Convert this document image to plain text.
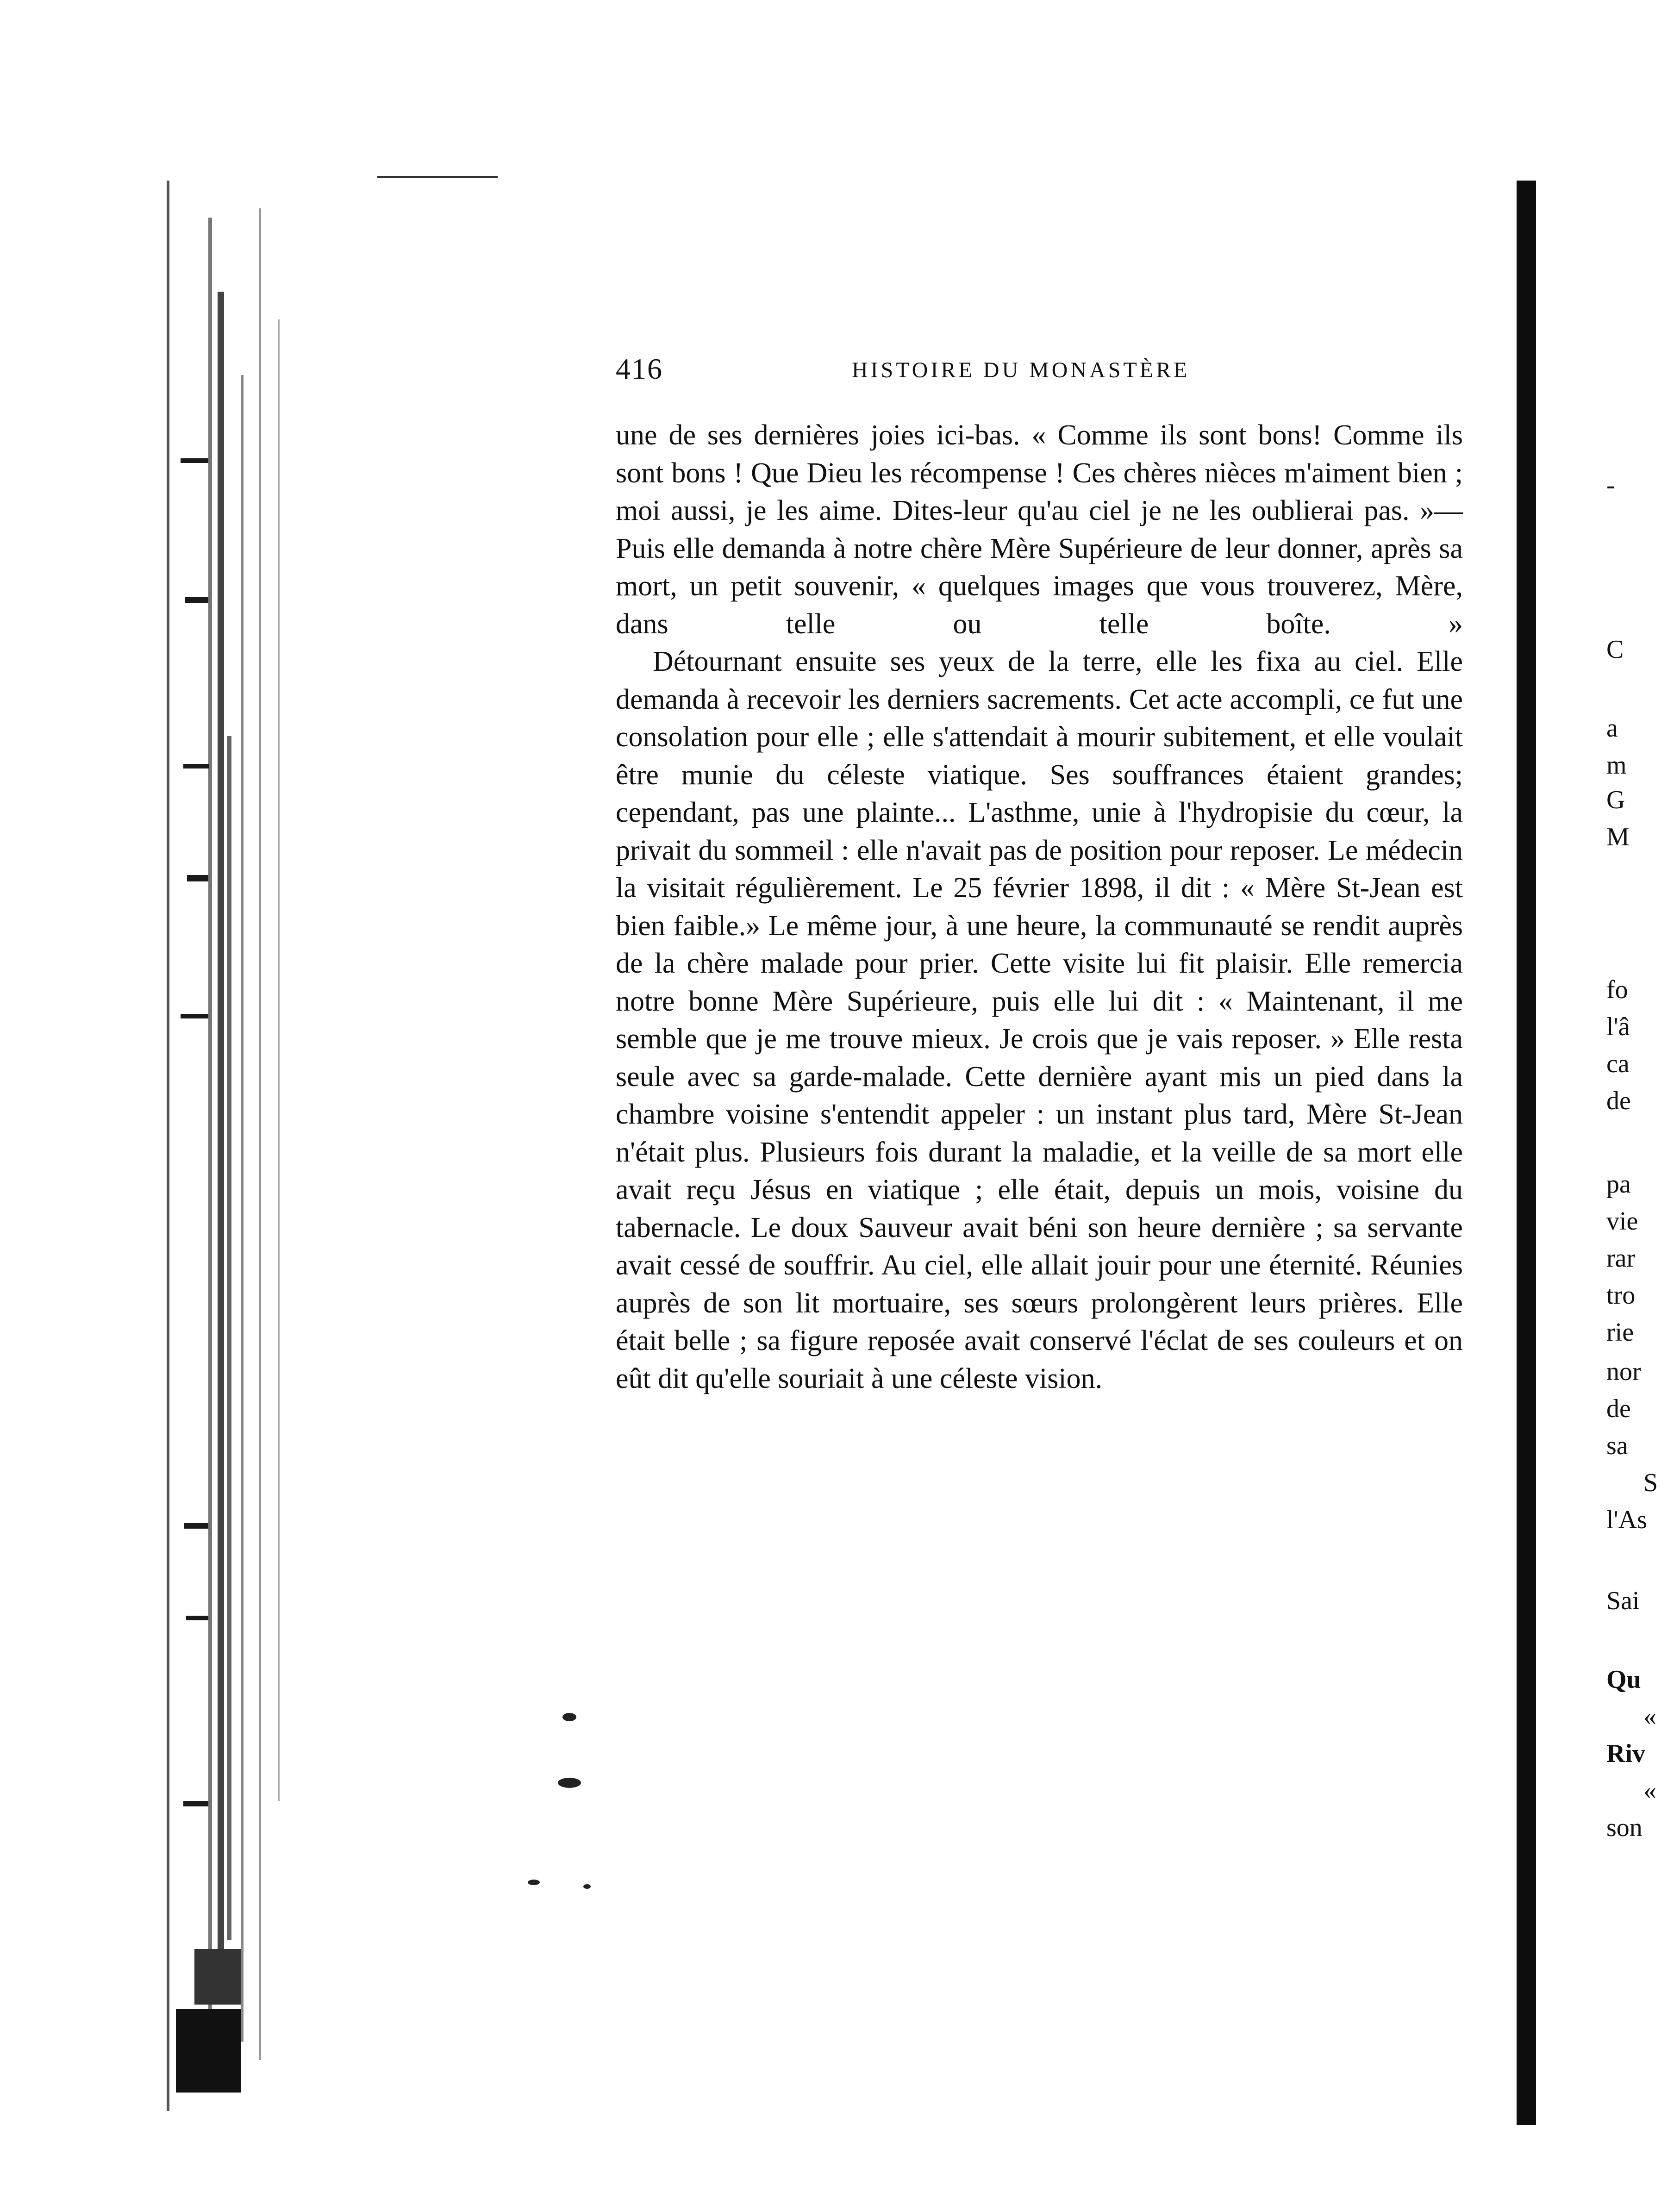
416	HISTOIRE DU MONASTÈRE

une de ses dernières joies ici-bas. « Comme ils sont bons! Comme ils sont bons ! Que Dieu les récompense ! Ces chères nièces m'aiment bien ; moi aussi, je les aime. Dites-leur qu'au ciel je ne les oublierai pas. »—Puis elle demanda à notre chère Mère Supérieure de leur donner, après sa mort, un petit souvenir, « quelques images que vous trouverez, Mère, dans telle ou telle boîte. »

Détournant ensuite ses yeux de la terre, elle les fixa au ciel. Elle demanda à recevoir les derniers sacrements. Cet acte accompli, ce fut une consolation pour elle ; elle s'attendait à mourir subitement, et elle voulait être munie du céleste viatique. Ses souffrances étaient grandes; cependant, pas une plainte... L'asthme, unie à l'hydropisie du cœur, la privait du sommeil : elle n'avait pas de position pour reposer. Le médecin la visitait régulièrement. Le 25 février 1898, il dit : « Mère St-Jean est bien faible.» Le même jour, à une heure, la communauté se rendit auprès de la chère malade pour prier. Cette visite lui fit plaisir. Elle remercia notre bonne Mère Supérieure, puis elle lui dit : « Maintenant, il me semble que je me trouve mieux. Je crois que je vais reposer. » Elle resta seule avec sa garde-malade. Cette dernière ayant mis un pied dans la chambre voisine s'entendit appeler : un instant plus tard, Mère St-Jean n'était plus. Plusieurs fois durant la maladie, et la veille de sa mort elle avait reçu Jésus en viatique ; elle était, depuis un mois, voisine du tabernacle. Le doux Sauveur avait béni son heure dernière ; sa servante avait cessé de souffrir. Au ciel, elle allait jouir pour une éternité. Réunies auprès de son lit mortuaire, ses sœurs prolongèrent leurs prières. Elle était belle ; sa figure reposée avait conservé l'éclat de ses couleurs et on eût dit qu'elle souriait à une céleste vision.

-
C
a
m
G
M
fo
l'â
ca
de
pa
vie
rar
tro
rie
nor
de
sa
S
l'As
Sai
Qu
«
Riv
«
son
